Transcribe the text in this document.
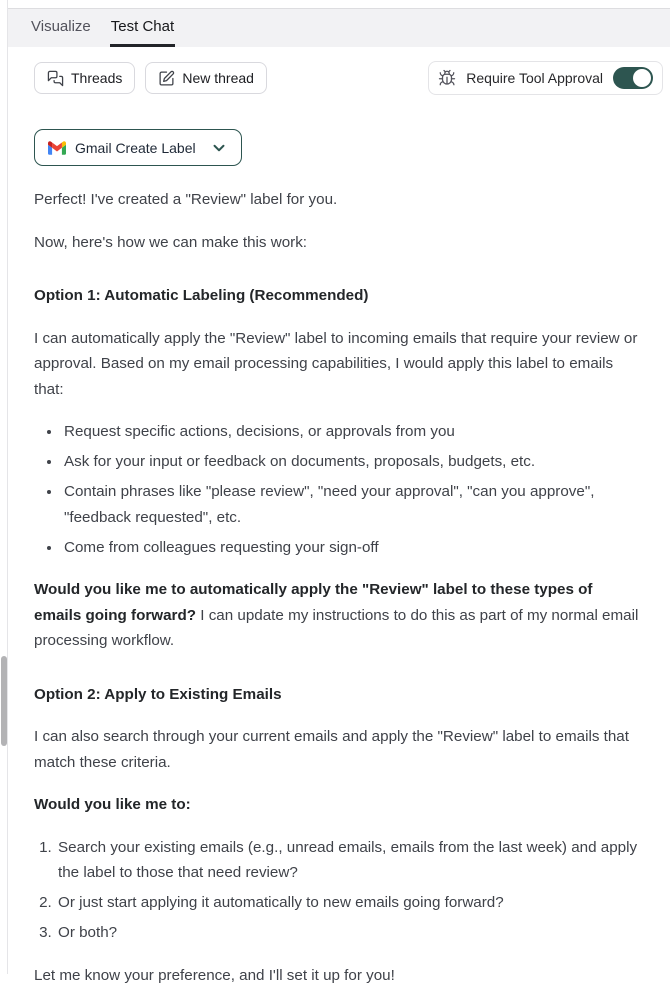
Visualize Test Chat
Threads	New thread	Require Tool Approval
Gmail Create Label

Perfect! I've created a "Review" label for you.

Now, here's how we can make this work:

Option 1: Automatic Labeling (Recommended)

I can automatically apply the "Review" label to incoming emails that require your review or approval. Based on my email processing capabilities, I would apply this label to emails that:

• Request specific actions, decisions, or approvals from you
• Ask for your input or feedback on documents, proposals, budgets, etc.
• Contain phrases like "please review", "need your approval", "can you approve", "feedback requested", etc.
• Come from colleagues requesting your sign-off

Would you like me to automatically apply the "Review" label to these types of emails going forward? I can update my instructions to do this as part of my normal email processing workflow.

Option 2: Apply to Existing Emails

I can also search through your current emails and apply the "Review" label to emails that match these criteria.

Would you like me to:

1. Search your existing emails (e.g., unread emails, emails from the last week) and apply the label to those that need review?
2. Or just start applying it automatically to new emails going forward?
3. Or both?

Let me know your preference, and I'll set it up for you!
